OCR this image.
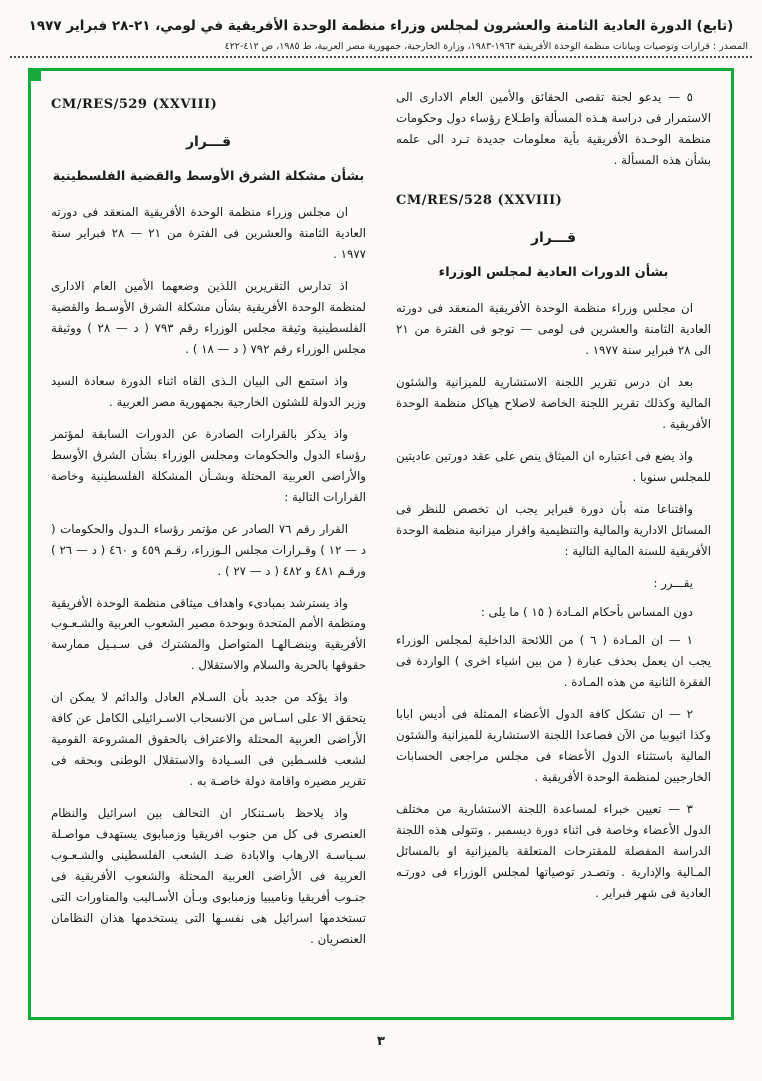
(تابع) الدورة العادية الثامنة والعشرون لمجلس وزراء منظمة الوحدة الأفريقية في لومي، ٢١-٢٨ فبراير ١٩٧٧
المصدر : قرارات وتوصيات وبيانات منظمة الوحدة الأفريقية ١٩٦٣-١٩٨٣، وزارة الخارجية، جمهورية مصر العربية، ط ١٩٨٥، ص ٤١٢-٤٢٢
٥ — يدعو لجنة تقصى الحقائق والأمين العام الادارى الى الاستمرار فى دراسة هـذه المسألة واطـلاع رؤساء دول وحكومات منظمة الوحـدة الأفريقية بأية معلومات جديدة تـرد الى علمه بشأن هذه المسألة .
CM/RES/528 (XXVIII)
قـــرار
بشأن الدورات العادية لمجلس الوزراء
ان مجلس وزراء منظمة الوحدة الأفريقية المنعقد فى دورته العادية الثامنة والعشرين فى لومى — توجو فى الفترة من ٢١ الى ٢٨ فبراير سنة ١٩٧٧ .
بعد ان درس تقرير اللجنة الاستشارية للميزانية والشئون المالية وكذلك تقرير اللجنة الخاصة لاصلاح هياكل منظمة الوحدة الأفريقية .
واذ يضع فى اعتباره ان الميثاق ينص على عقد دورتين عاديتين للمجلس سنويا .
واقتناعا منه بأن دورة فبراير يجب ان تخصص للنظر فى المسائل الادارية والمالية والتنظيمية واقرار ميزانية منظمة الوحدة الأفريقية للسنة المالية التالية :
يقـــرر :
دون المساس بأحكام المـادة ( ١٥ ) ما يلى :
١ — ان المـادة ( ٦ ) من اللائحة الداخلية لمجلس الوزراء يجب ان يعمل بحذف عبارة ( من بين اشياء اخرى ) الواردة فى الفقرة الثانية من هذه المـادة .
٢ — ان تشكل كافة الدول الأعضاء الممثلة فى أديس ابابا وكذا اثيوبيا من الآن فصاعدا اللجنة الاستشارية للميزانية والشئون المالية باستثناء الدول الأعضاء فى مجلس مراجعى الحسابات الخارجيين لمنظمة الوحدة الأفريقية .
٣ — تعيين خبراء لمساعدة اللجنة الاستشارية من مختلف الدول الأعضاء وخاصة فى اثناء دورة ديسمبر . وتتولى هذه اللجنة الدراسة المفصلة للمقترحات المتعلقة بالميزانية او بالمسائل المـالية والإدارية . وتصـدر توصياتها لمجلس الوزراء فى دورتـه العادية فى شهر فبراير .
CM/RES/529 (XXVIII)
قـــرار
بشأن مشكلة الشرق الأوسط والقضية الفلسطينية
ان مجلس وزراء منظمة الوحدة الأفريقية المنعقد فى دورته العادية الثامنة والعشرين فى الفترة من ٢١ — ٢٨ فبراير سنة ١٩٧٧ .
اذ تدارس التقريرين اللذين وضعهما الأمين العام الادارى لمنظمة الوحدة الأفريقية بشأن مشكلة الشرق الأوسـط والقضية الفلسطينية وثيقة مجلس الوزراء رقم ٧٩٣ ( د — ٢٨ ) ووثيقة مجلس الوزراء رقم ٧٩٢ ( د — ١٨ ) .
واذ استمع الى البيان الـذى القاه اثناء الدورة سعادة السيد وزير الدولة للشئون الخارجية بجمهورية مصر العربية .
واذ يذكر بالقرارات الصادرة عن الدورات السابقة لمؤتمر رؤساء الدول والحكومات ومجلس الوزراء بشأن الشرق الأوسط والأراضى العربية المحتلة وبشـأن المشكلة الفلسطينية وخاصة القرارات التالية :
القرار رقم ٧٦ الصادر عن مؤتمر رؤساء الـدول والحكومات ( د — ١٢ ) وقـرارات مجلس الـوزراء، رقـم ٤٥٩ و ٤٦٠ ( د — ٢٦ ) ورقـم ٤٨١ و ٤٨٢ ( د — ٢٧ ) .
واذ يسترشد بمبادىء واهداف ميثاقى منظمة الوحدة الأفريقية ومنظمة الأمم المتحدة وبوحدة مصير الشعوب العربية والشـعـوب الأفريقية وبنضـالهـا المتواصل والمشترك فى سـبـيل ممارسة حقوقها بالحرية والسلام والاستقلال .
واذ يؤكد من جديد بأن السـلام العادل والدائم لا يمكن ان يتحقق الا على اسـاس من الانسحاب الاسـرائيلى الكامل عن كافة الأراضى العربية المحتلة والاعتراف بالحقوق المشروعة القومية لشعب فلسـطين فى السـيادة والاستقلال الوطنى وبحقه فى تقرير مصيره واقامة دولة خاصـة به .
واذ يلاحظ باسـتنكار ان التحالف بين اسرائيل والنظام العنصرى فى كل من جنوب افريقيا وزمبابوى يستهدف مواصـلة سـياسـة الارهاب والابادة ضـد الشعب الفلسطينى والشـعـوب العربية فى الأراضى العربية المحتلة والشعوب الأفريقية فى جنـوب أفريقيا وناميبيا وزمبابوى وبـأن الأسـاليب والمناورات التى تستخدمها اسرائيل هى نفسـها التى يستخدمها هذان النظامان العنصريان .
٣
